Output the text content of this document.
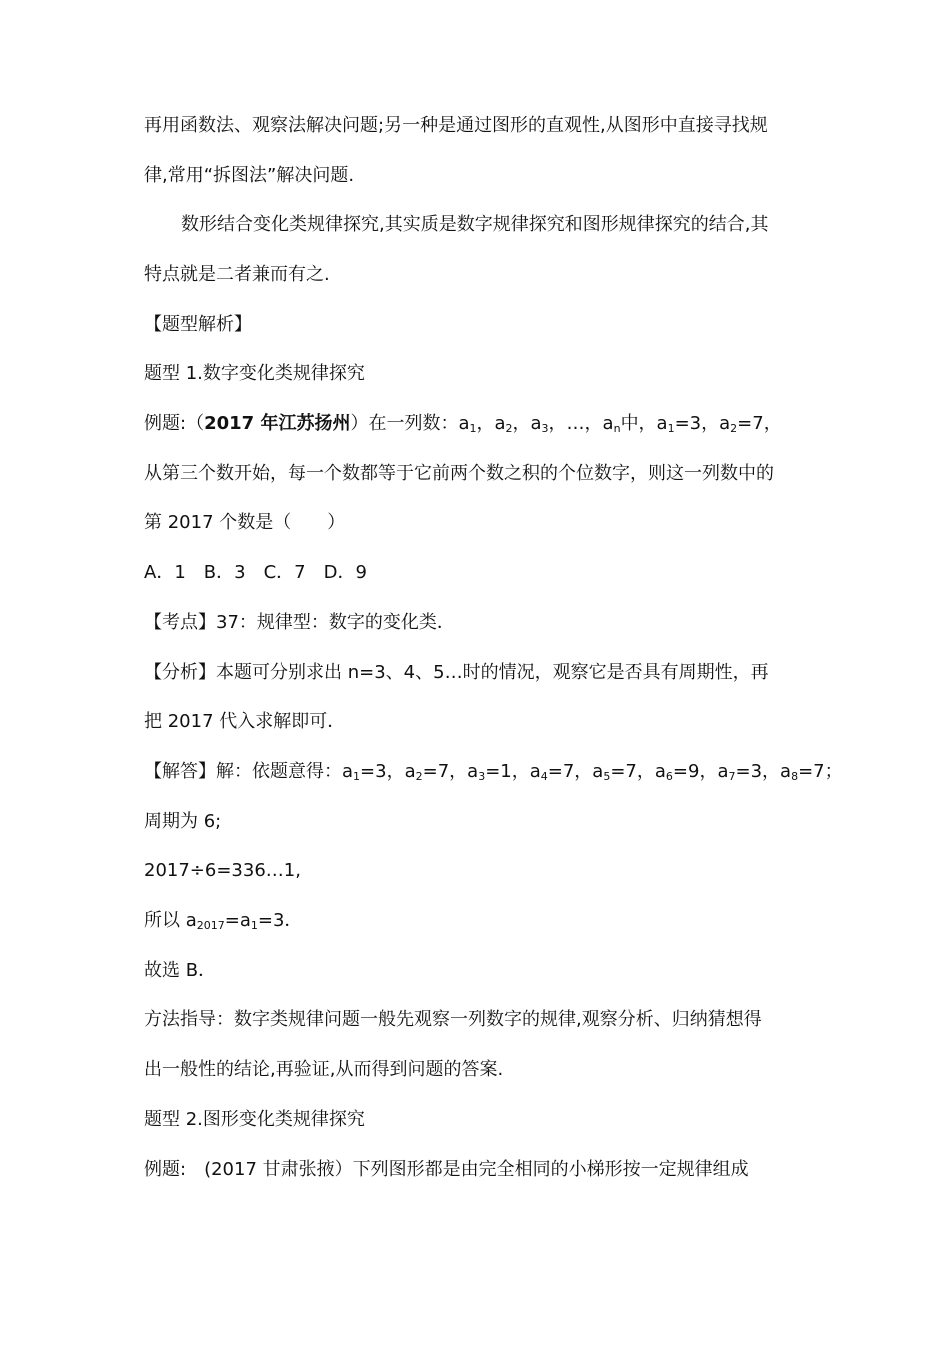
再用函数法、观察法解决问题;另一种是通过图形的直观性,从图形中直接寻找规
律,常用“拆图法”解决问题.
数形结合变化类规律探究,其实质是数字规律探究和图形规律探究的结合,其
特点就是二者兼而有之.
【题型解析】
题型 1.数字变化类规律探究
例题:（2017 年江苏扬州）在一列数：$a_1$，$a_2$，$a_3$，…，$a_n$中，$a_1=3$，$a_2=7$，
从第三个数开始，每一个数都等于它前两个数之积的个位数字，则这一列数中的
第 2017 个数是（　　）
A．1　B．3　C．7　D．9
【考点】37：规律型：数字的变化类．
【分析】本题可分别求出 n=3、4、5…时的情况，观察它是否具有周期性，再
把 2017 代入求解即可．
【解答】解：依题意得：$a_1=3$，$a_2=7$，$a_3=1$，$a_4=7$，$a_5=7$，$a_6=9$，$a_7=3$，$a_8=7$；
周期为 6;
2017÷6=336…1,
所以 $a_{2017}=a_1=3$．
故选 B．
方法指导：数字类规律问题一般先观察一列数字的规律,观察分析、归纳猜想得
出一般性的结论,再验证,从而得到问题的答案.
题型 2.图形变化类规律探究
例题:　(2017 甘肃张掖）下列图形都是由完全相同的小梯形按一定规律组成
